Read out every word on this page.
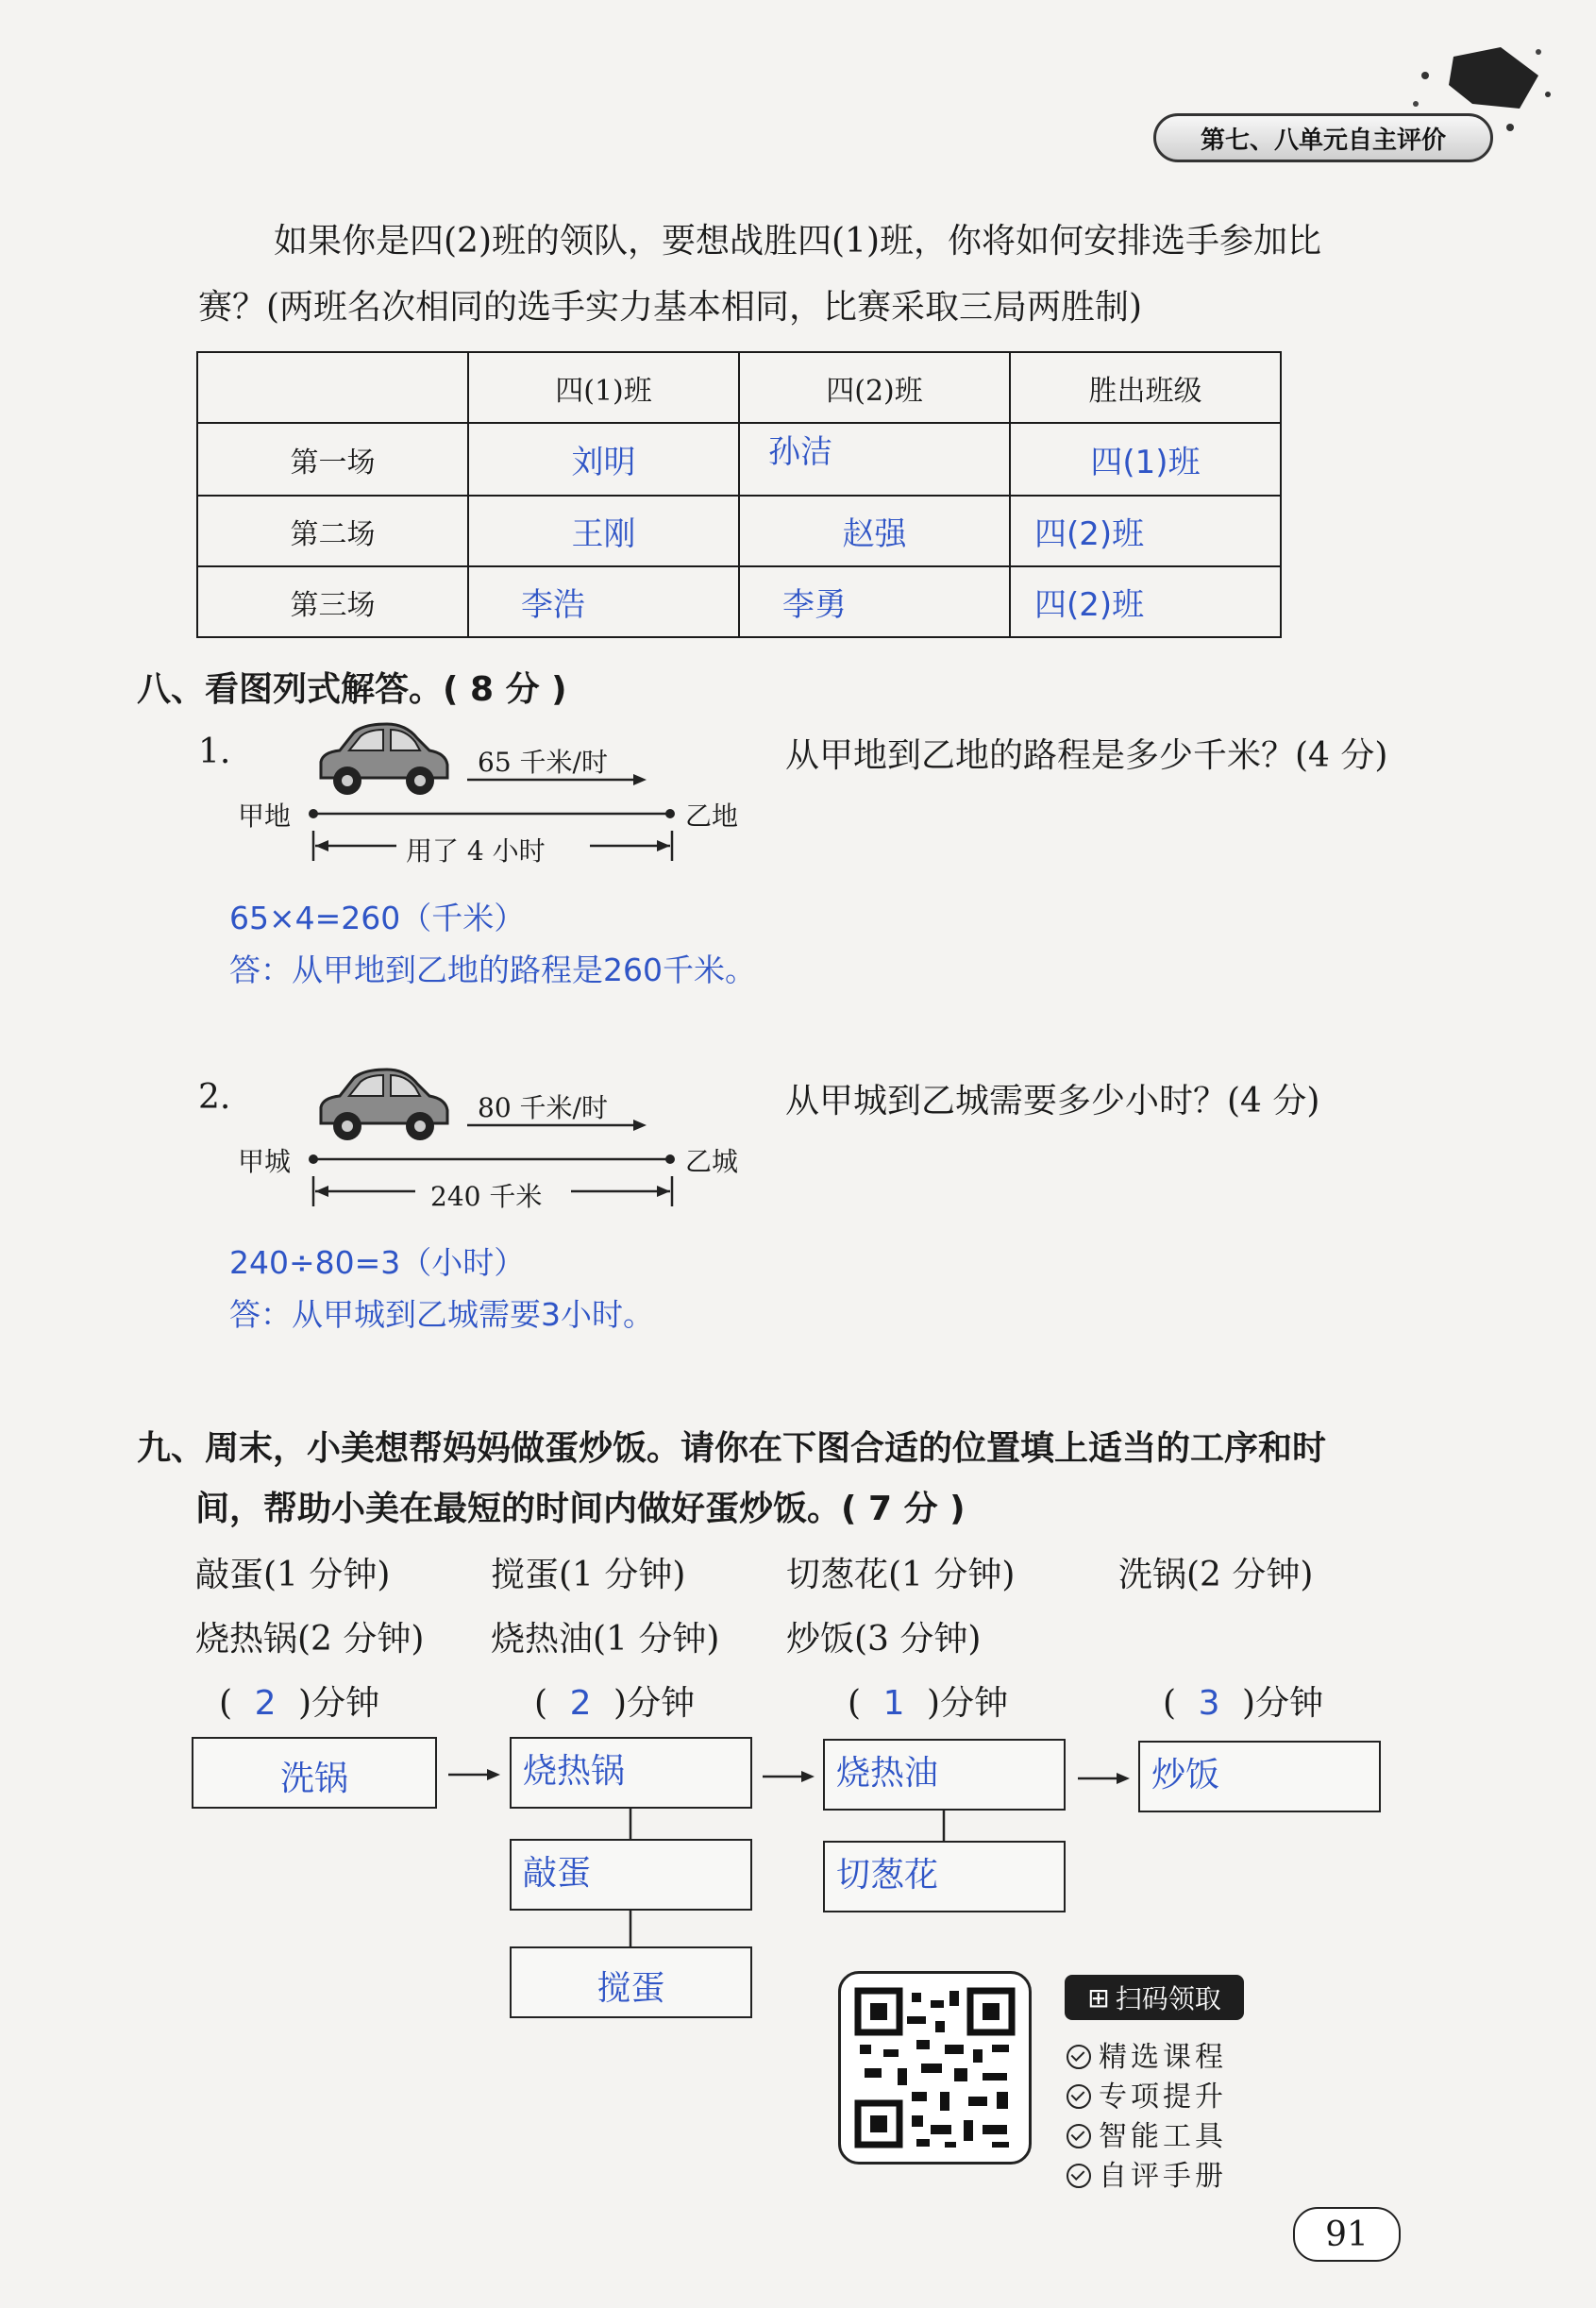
第七、八单元自主评价
如果你是四(2)班的领队，要想战胜四(1)班，你将如何安排选手参加比
赛？(两班名次相同的选手实力基本相同，比赛采取三局两胜制)
	四(1)班	四(2)班	胜出班级
第一场	刘明	孙洁	四(1)班
第二场	王刚	赵强	四(2)班
第三场	李浩	李勇	四(2)班
八、看图列式解答。( 8 分 )
1.	65 千米/时
甲地	乙地
用了 4 小时
从甲地到乙地的路程是多少千米？(4 分)
65×4=260（千米）
答：从甲地到乙地的路程是260千米。
2.	80 千米/时
甲城	乙城
240 千米
从甲城到乙城需要多少小时？(4 分)
240÷80=3（小时）
答：从甲城到乙城需要3小时。
九、周末，小美想帮妈妈做蛋炒饭。请你在下图合适的位置填上适当的工序和时
间，帮助小美在最短的时间内做好蛋炒饭。( 7 分 )
敲蛋(1 分钟)	搅蛋(1 分钟)	切葱花(1 分钟)	洗锅(2 分钟)
烧热锅(2 分钟) 烧热油(1 分钟) 炒饭(3 分钟)
( 2 )分钟	( 2 )分钟	( 1 )分钟	( 3 )分钟
洗锅	烧热锅	烧热油	炒饭
敲蛋	切葱花
搅蛋	⊞ 扫码领取
精选课程
专项提升
智能工具
自评手册
91
